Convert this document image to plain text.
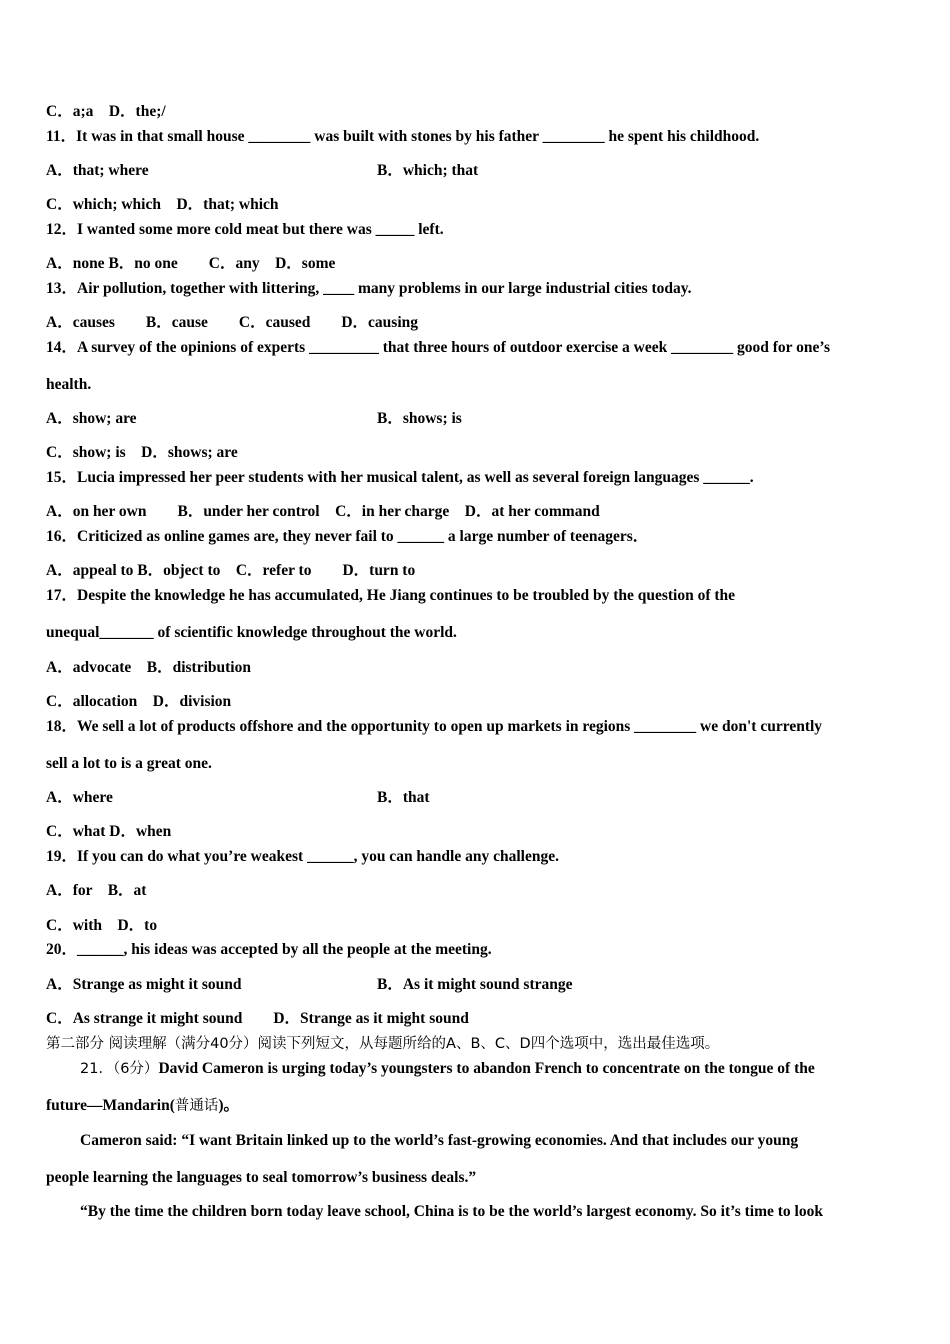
C．a;a　D．the;/
11．It was in that small house ________ was built with stones by his father ________ he spent his childhood.
A．that; where	B．which; that
C．which; which　D．that; which
12．I wanted some more cold meat but there was _____ left.
A．none B．no one　　C．any　D．some
13．Air pollution, together with littering, ____ many problems in our large industrial cities today.
A．causes　　B．cause　　C．caused　　D．causing
14．A survey of the opinions of experts _________ that three hours of outdoor exercise a week ________ good for one’s
health.
A．show; are	B．shows; is
C．show; is　D．shows; are
15．Lucia impressed her peer students with her musical talent, as well as several foreign languages ______.
A．on her own　　B．under her control　C．in her charge　D．at her command
16．Criticized as online games are, they never fail to ______ a large number of teenagers．
A．appeal to B．object to　C．refer to　　D．turn to
17．Despite the knowledge he has accumulated, He Jiang continues to be troubled by the question of the
unequal_______ of scientific knowledge throughout the world.
A．advocate　B．distribution
C．allocation　D．division
18．We sell a lot of products offshore and the opportunity to open up markets in regions ________ we don't currently
sell a lot to is a great one.
A．where	B．that
C．what D．when
19．If you can do what you’re weakest ______, you can handle any challenge.
A．for　B．at
C．with　D．to
20．______, his ideas was accepted by all the people at the meeting.
A．Strange as might it sound	B．As it might sound strange
C．As strange it might sound　　D．Strange as it might sound
第二部分 阅读理解（满分40分）阅读下列短文，从每题所给的A、B、C、D四个选项中，选出最佳选项。
21．（6分）David Cameron is urging today’s youngsters to abandon French to concentrate on the tongue of the
future—Mandarin(普通话)。
Cameron said: “I want Britain linked up to the world’s fast-growing economies. And that includes our young
people learning the languages to seal tomorrow’s business deals.”
“By the time the children born today leave school, China is to be the world’s largest economy. So it’s time to look
